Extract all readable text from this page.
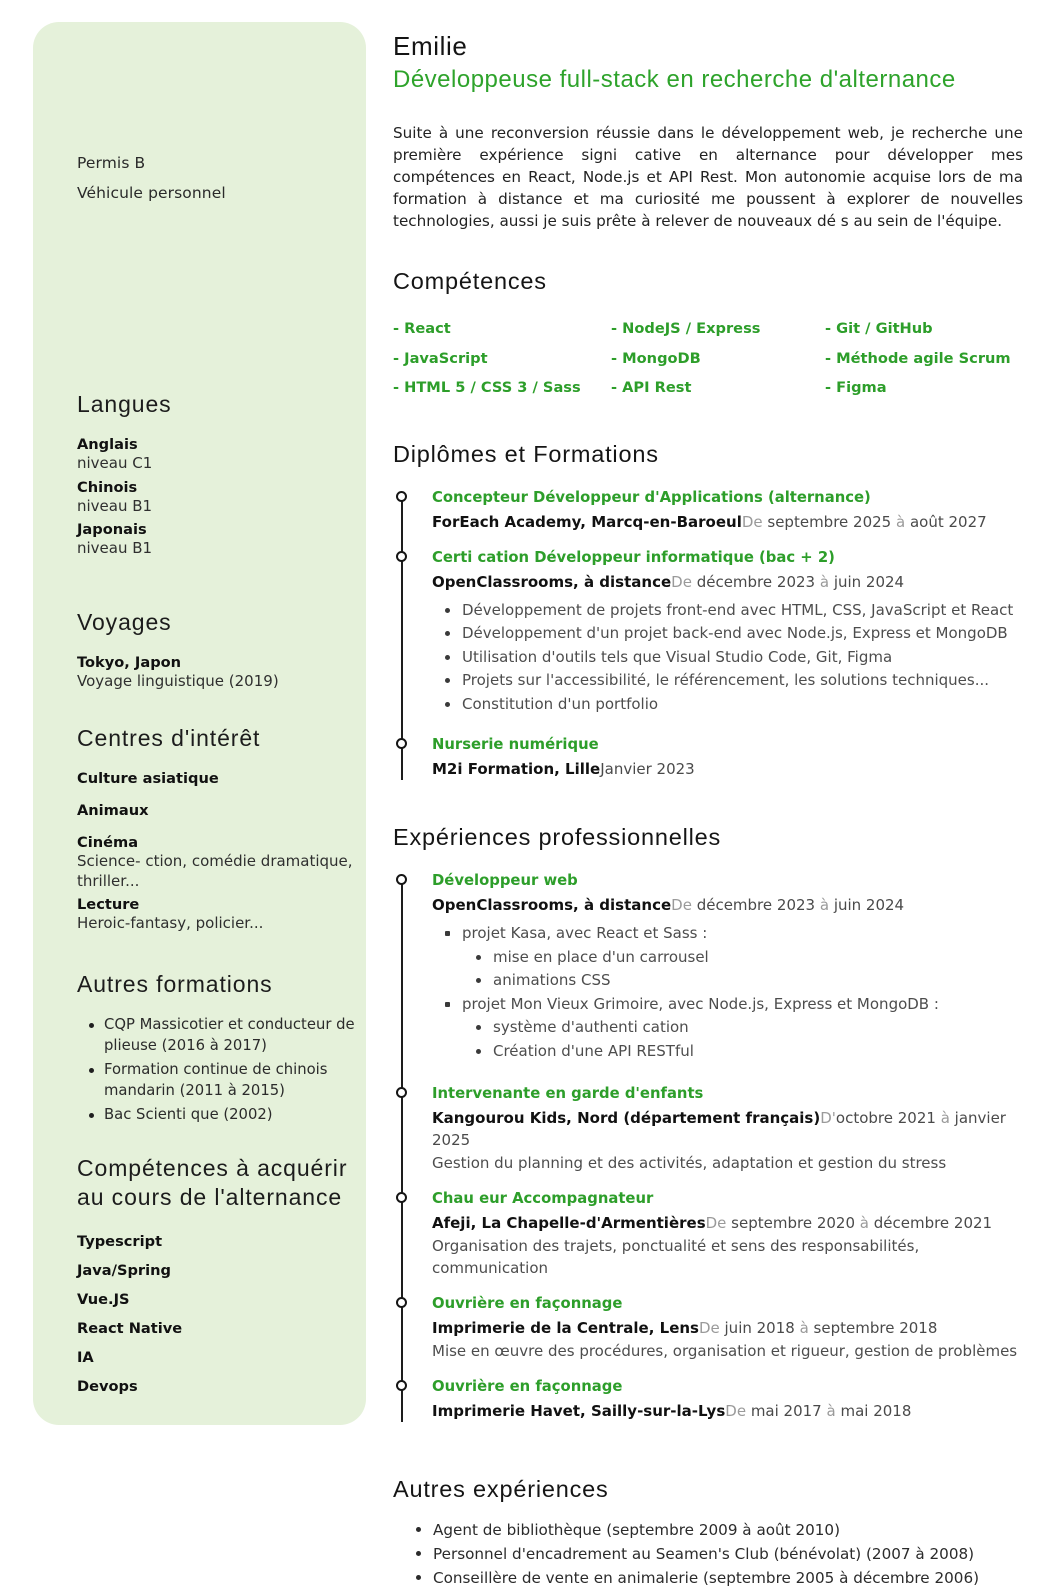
Permis B
Véhicule personnel
Langues
Anglais
niveau C1
Chinois
niveau B1
Japonais
niveau B1
Voyages
Tokyo, Japon
Voyage linguistique (2019)
Centres d'intérêt
Culture asiatique
Animaux
Cinéma
Science- ction, comédie dramatique, thriller...
Lecture
Heroic-fantasy, policier...
Autres formations
CQP Massicotier et conducteur de plieuse (2016 à 2017)
Formation continue de chinois mandarin (2011 à 2015)
Bac Scienti que (2002)
Compétences à acquérir
au cours de l'alternance
Typescript
Java/Spring
Vue.JS
React Native
IA
Devops
Emilie
Développeuse full-stack en recherche d'alternance

Suite à une reconversion réussie dans le développement web, je recherche une première expérience signi cative en alternance pour développer mes compétences en React, Node.js et API Rest. Mon autonomie acquise lors de ma formation à distance et ma curiosité me poussent à explorer de nouvelles technologies, aussi je suis prête à relever de nouveaux dé s au sein de l'équipe.

Compétences
- React	- NodeJS / Express	- Git / GitHub
- JavaScript	- MongoDB	- Méthode agile Scrum
- HTML 5 / CSS 3 / Sass	- API Rest	- Figma
Diplômes et Formations
Concepteur Développeur d'Applications (alternance)
ForEach Academy, Marcq-en-BaroeulDe septembre 2025 à août 2027
Certi cation Développeur informatique (bac + 2)
OpenClassrooms, à distanceDe décembre 2023 à juin 2024
Développement de projets front-end avec HTML, CSS, JavaScript et React
Développement d'un projet back-end avec Node.js, Express et MongoDB
Utilisation d'outils tels que Visual Studio Code, Git, Figma
Projets sur l'accessibilité, le référencement, les solutions techniques...
Constitution d'un portfolio
Nurserie numérique
M2i Formation, LilleJanvier 2023
Expériences professionnelles
Développeur web
OpenClassrooms, à distanceDe décembre 2023 à juin 2024
projet Kasa, avec React et Sass :
mise en place d'un carrousel
animations CSS
projet Mon Vieux Grimoire, avec Node.js, Express et MongoDB :
système d'authenti cation
Création d'une API RESTful
Intervenante en garde d'enfants
Kangourou Kids, Nord (département français)D'octobre 2021 à janvier 2025
Gestion du planning et des activités, adaptation et gestion du stress
Chau eur Accompagnateur
Afeji, La Chapelle-d'ArmentièresDe septembre 2020 à décembre 2021
Organisation des trajets, ponctualité et sens des responsabilités, communication
Ouvrière en façonnage
Imprimerie de la Centrale, LensDe juin 2018 à septembre 2018
Mise en œuvre des procédures, organisation et rigueur, gestion de problèmes
Ouvrière en façonnage
Imprimerie Havet, Sailly-sur-la-LysDe mai 2017 à mai 2018
Autres expériences
Agent de bibliothèque (septembre 2009 à août 2010)
Personnel d'encadrement au Seamen's Club (bénévolat) (2007 à 2008)
Conseillère de vente en animalerie (septembre 2005 à décembre 2006)
